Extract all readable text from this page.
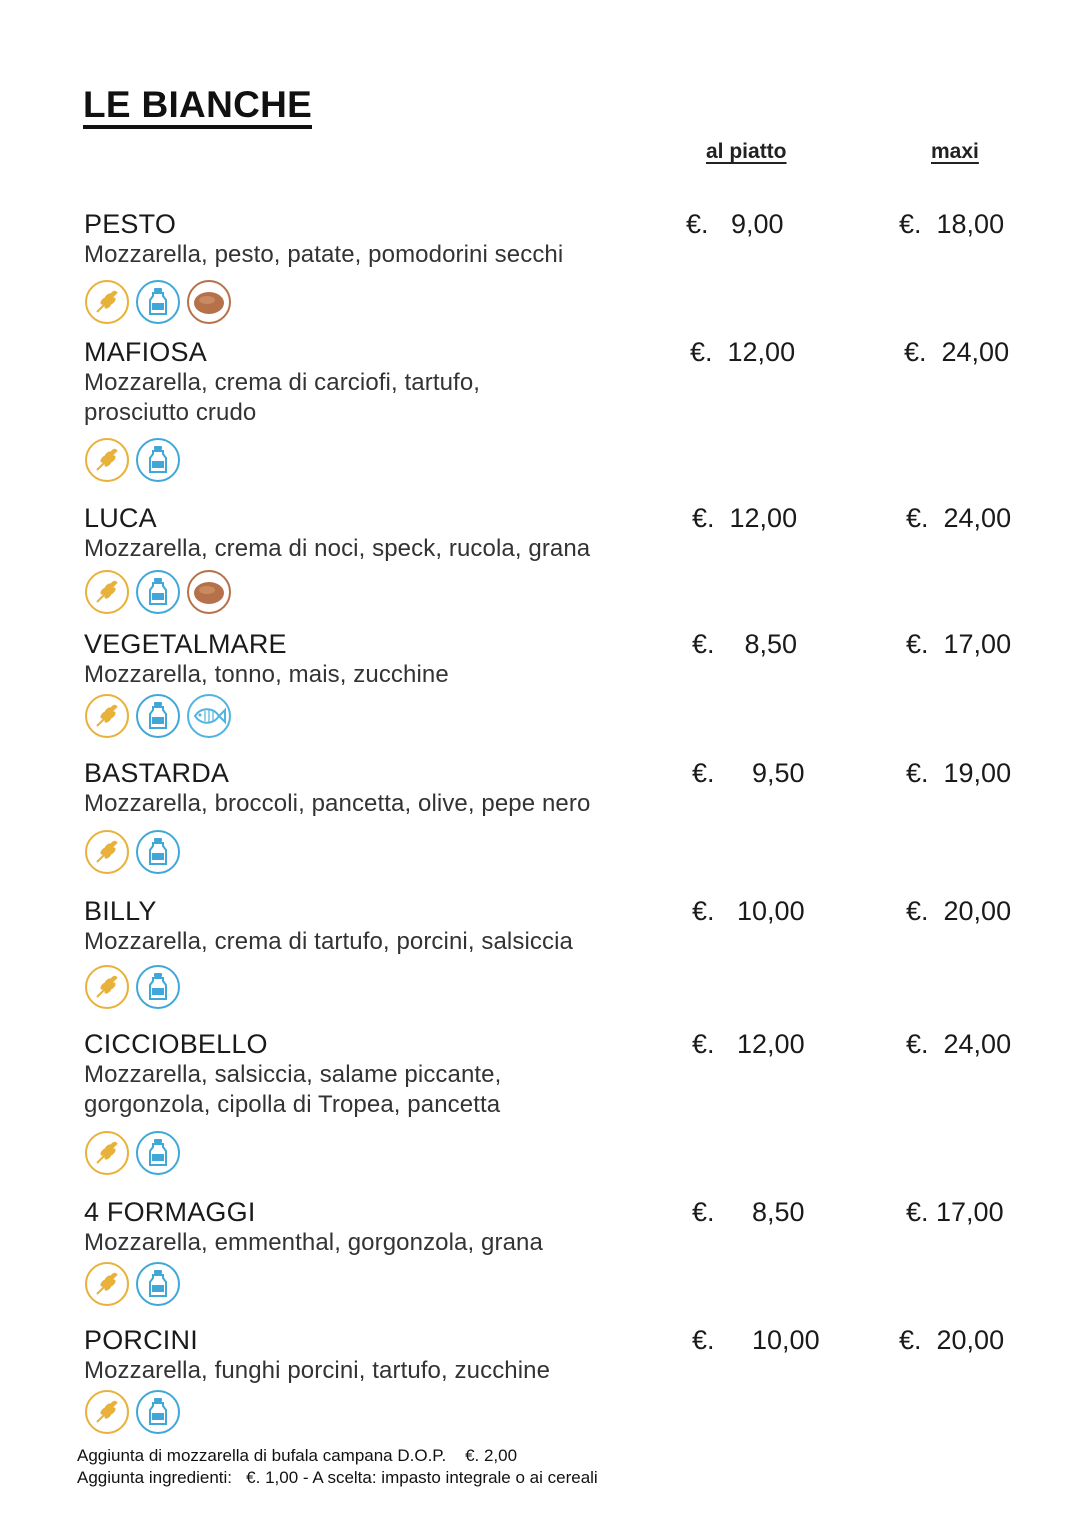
LE BIANCHE
al piatto	maxi
PESTO
Mozzarella, pesto, patate, pomodorini secchi
€.   9,00	€.  18,00
MAFIOSA
Mozzarella, crema di carciofi, tartufo,
prosciutto crudo
€.  12,00	€.  24,00
LUCA
Mozzarella, crema di noci, speck, rucola, grana
€.  12,00	€.  24,00
VEGETALMARE
Mozzarella, tonno, mais, zucchine
€.    8,50	€.  17,00
BASTARDA
Mozzarella, broccoli, pancetta, olive, pepe nero
€.     9,50	€.  19,00
BILLY
Mozzarella, crema di tartufo, porcini, salsiccia
€.   10,00	€.  20,00
CICCIOBELLO
Mozzarella, salsiccia, salame piccante,
gorgonzola, cipolla di Tropea, pancetta
€.   12,00	€.  24,00
4 FORMAGGI
Mozzarella, emmenthal, gorgonzola, grana
€.     8,50	€. 17,00
PORCINI
Mozzarella, funghi porcini, tartufo, zucchine
€.     10,00	€.  20,00
Aggiunta di mozzarella di bufala campana D.O.P.    €. 2,00
Aggiunta ingredienti:   €. 1,00 - A scelta: impasto integrale o ai cereali
